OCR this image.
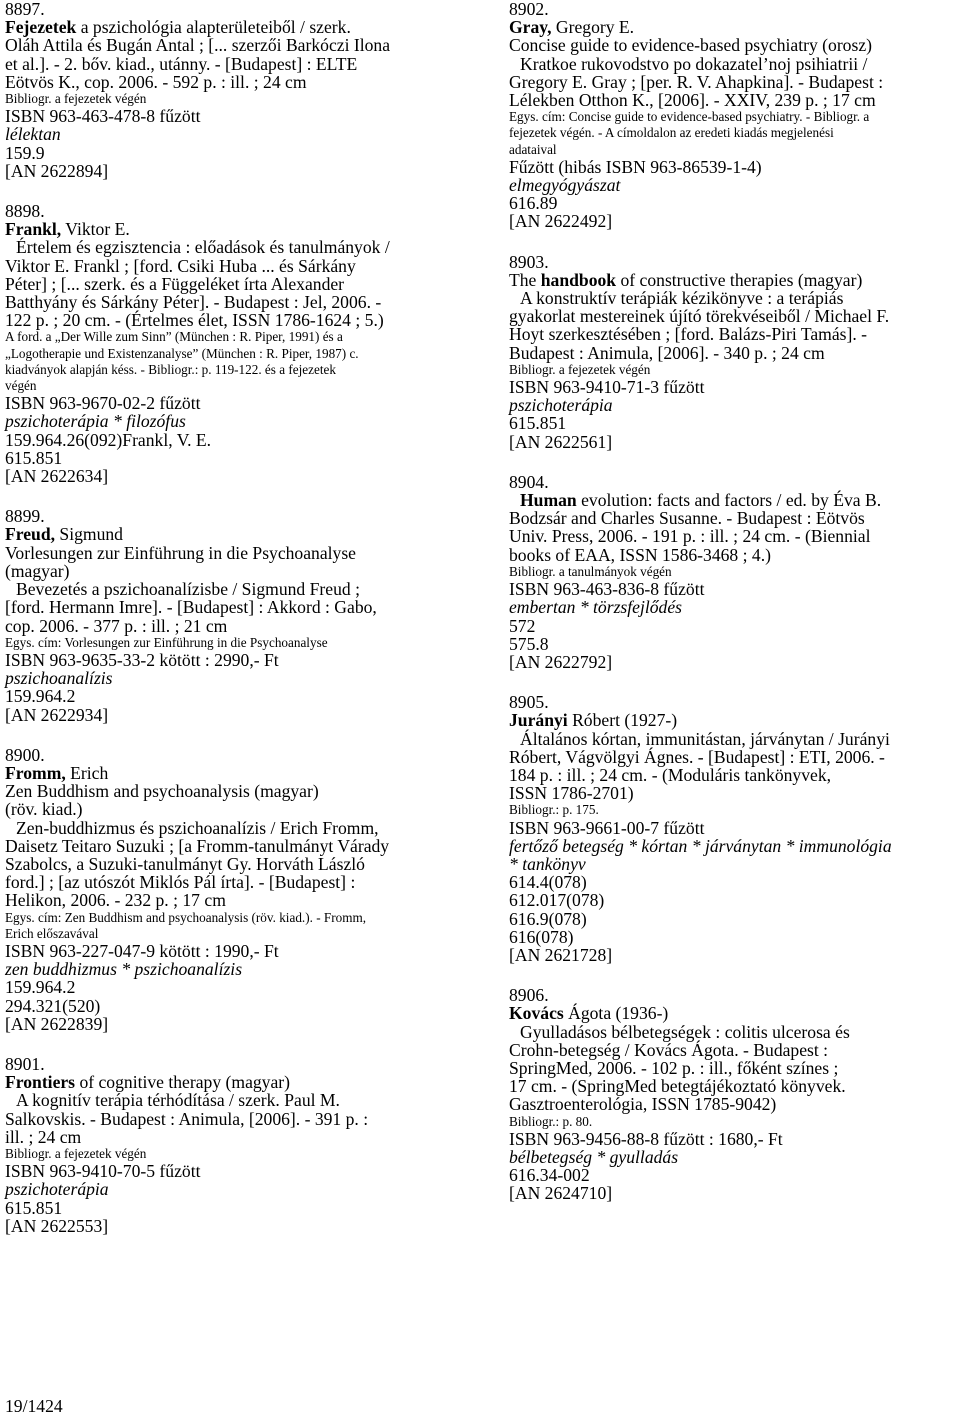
8897.
Fejezetek a pszichológia alapterületeiből / szerk.
Oláh Attila és Bugán Antal ; [... szerzői Barkóczi Ilona
et al.]. - 2. bőv. kiad., utánny. - [Budapest] : ELTE
Eötvös K., cop. 2006. - 592 p. : ill. ; 24 cm
Bibliogr. a fejezetek végén
ISBN 963-463-478-8 fűzött
lélektan
159.9
[AN 2622894]
8898.
Frankl, Viktor E.
Értelem és egzisztencia : előadások és tanulmányok /
Viktor E. Frankl ; [ford. Csiki Huba ... és Sárkány
Péter] ; [... szerk. és a Függeléket írta Alexander
Batthyány és Sárkány Péter]. - Budapest : Jel, 2006. -
122 p. ; 20 cm. - (Értelmes élet, ISSN 1786-1624 ; 5.)
A ford. a „Der Wille zum Sinn” (München : R. Piper, 1991) és a
„Logotherapie und Existenzanalyse” (München : R. Piper, 1987) c.
kiadványok alapján késs. - Bibliogr.: p. 119-122. és a fejezetek
végén
ISBN 963-9670-02-2 fűzött
pszichoterápia * filozófus
159.964.26(092)Frankl, V. E.
615.851
[AN 2622634]
8899.
Freud, Sigmund
Vorlesungen zur Einführung in die Psychoanalyse
(magyar)
Bevezetés a pszichoanalízisbe / Sigmund Freud ;
[ford. Hermann Imre]. - [Budapest] : Akkord : Gabo,
cop. 2006. - 377 p. : ill. ; 21 cm
Egys. cím: Vorlesungen zur Einführung in die Psychoanalyse
ISBN 963-9635-33-2 kötött : 2990,- Ft
pszichoanalízis
159.964.2
[AN 2622934]
8900.
Fromm, Erich
Zen Buddhism and psychoanalysis (magyar)
(röv. kiad.)
Zen-buddhizmus és pszichoanalízis / Erich Fromm,
Daisetz Teitaro Suzuki ; [a Fromm-tanulmányt Várady
Szabolcs, a Suzuki-tanulmányt Gy. Horváth László
ford.] ; [az utószót Miklós Pál írta]. - [Budapest] :
Helikon, 2006. - 232 p. ; 17 cm
Egys. cím: Zen Buddhism and psychoanalysis (röv. kiad.). - Fromm,
Erich előszavával
ISBN 963-227-047-9 kötött : 1990,- Ft
zen buddhizmus * pszichoanalízis
159.964.2
294.321(520)
[AN 2622839]
8901.
Frontiers of cognitive therapy (magyar)
A kognitív terápia térhódítása / szerk. Paul M.
Salkovskis. - Budapest : Animula, [2006]. - 391 p. :
ill. ; 24 cm
Bibliogr. a fejezetek végén
ISBN 963-9410-70-5 fűzött
pszichoterápia
615.851
[AN 2622553]
8902.
Gray, Gregory E.
Concise guide to evidence-based psychiatry (orosz)
Kratkoe rukovodstvo po dokazatel’noj psihiatrii /
Gregory E. Gray ; [per. R. V. Ahapkina]. - Budapest :
Lélekben Otthon K., [2006]. - XXIV, 239 p. ; 17 cm
Egys. cím: Concise guide to evidence-based psychiatry. - Bibliogr. a
fejezetek végén. - A címoldalon az eredeti kiadás megjelenési
adataival
Fűzött (hibás ISBN 963-86539-1-4)
elmegyógyászat
616.89
[AN 2622492]
8903.
The handbook of constructive therapies (magyar)
A konstruktív terápiák kézikönyve : a terápiás
gyakorlat mestereinek újító törekvéseiből / Michael F.
Hoyt szerkesztésében ; [ford. Balázs-Piri Tamás]. -
Budapest : Animula, [2006]. - 340 p. ; 24 cm
Bibliogr. a fejezetek végén
ISBN 963-9410-71-3 fűzött
pszichoterápia
615.851
[AN 2622561]
8904.
Human evolution: facts and factors / ed. by Éva B.
Bodzsár and Charles Susanne. - Budapest : Eötvös
Univ. Press, 2006. - 191 p. : ill. ; 24 cm. - (Biennial
books of EAA, ISSN 1586-3468 ; 4.)
Bibliogr. a tanulmányok végén
ISBN 963-463-836-8 fűzött
embertan * törzsfejlődés
572
575.8
[AN 2622792]
8905.
Jurányi Róbert (1927-)
Általános kórtan, immunitástan, járványtan / Jurányi
Róbert, Vágvölgyi Ágnes. - [Budapest] : ETI, 2006. -
184 p. : ill. ; 24 cm. - (Moduláris tankönyvek,
ISSN 1786-2701)
Bibliogr.: p. 175.
ISBN 963-9661-00-7 fűzött
fertőző betegség * kórtan * járványtan * immunológia
* tankönyv
614.4(078)
612.017(078)
616.9(078)
616(078)
[AN 2621728]
8906.
Kovács Ágota (1936-)
Gyulladásos bélbetegségek : colitis ulcerosa és
Crohn-betegség / Kovács Ágota. - Budapest :
SpringMed, 2006. - 102 p. : ill., főként színes ;
17 cm. - (SpringMed betegtájékoztató könyvek.
Gasztroenterológia, ISSN 1785-9042)
Bibliogr.: p. 80.
ISBN 963-9456-88-8 fűzött : 1680,- Ft
bélbetegség * gyulladás
616.34-002
[AN 2624710]
19/1424
